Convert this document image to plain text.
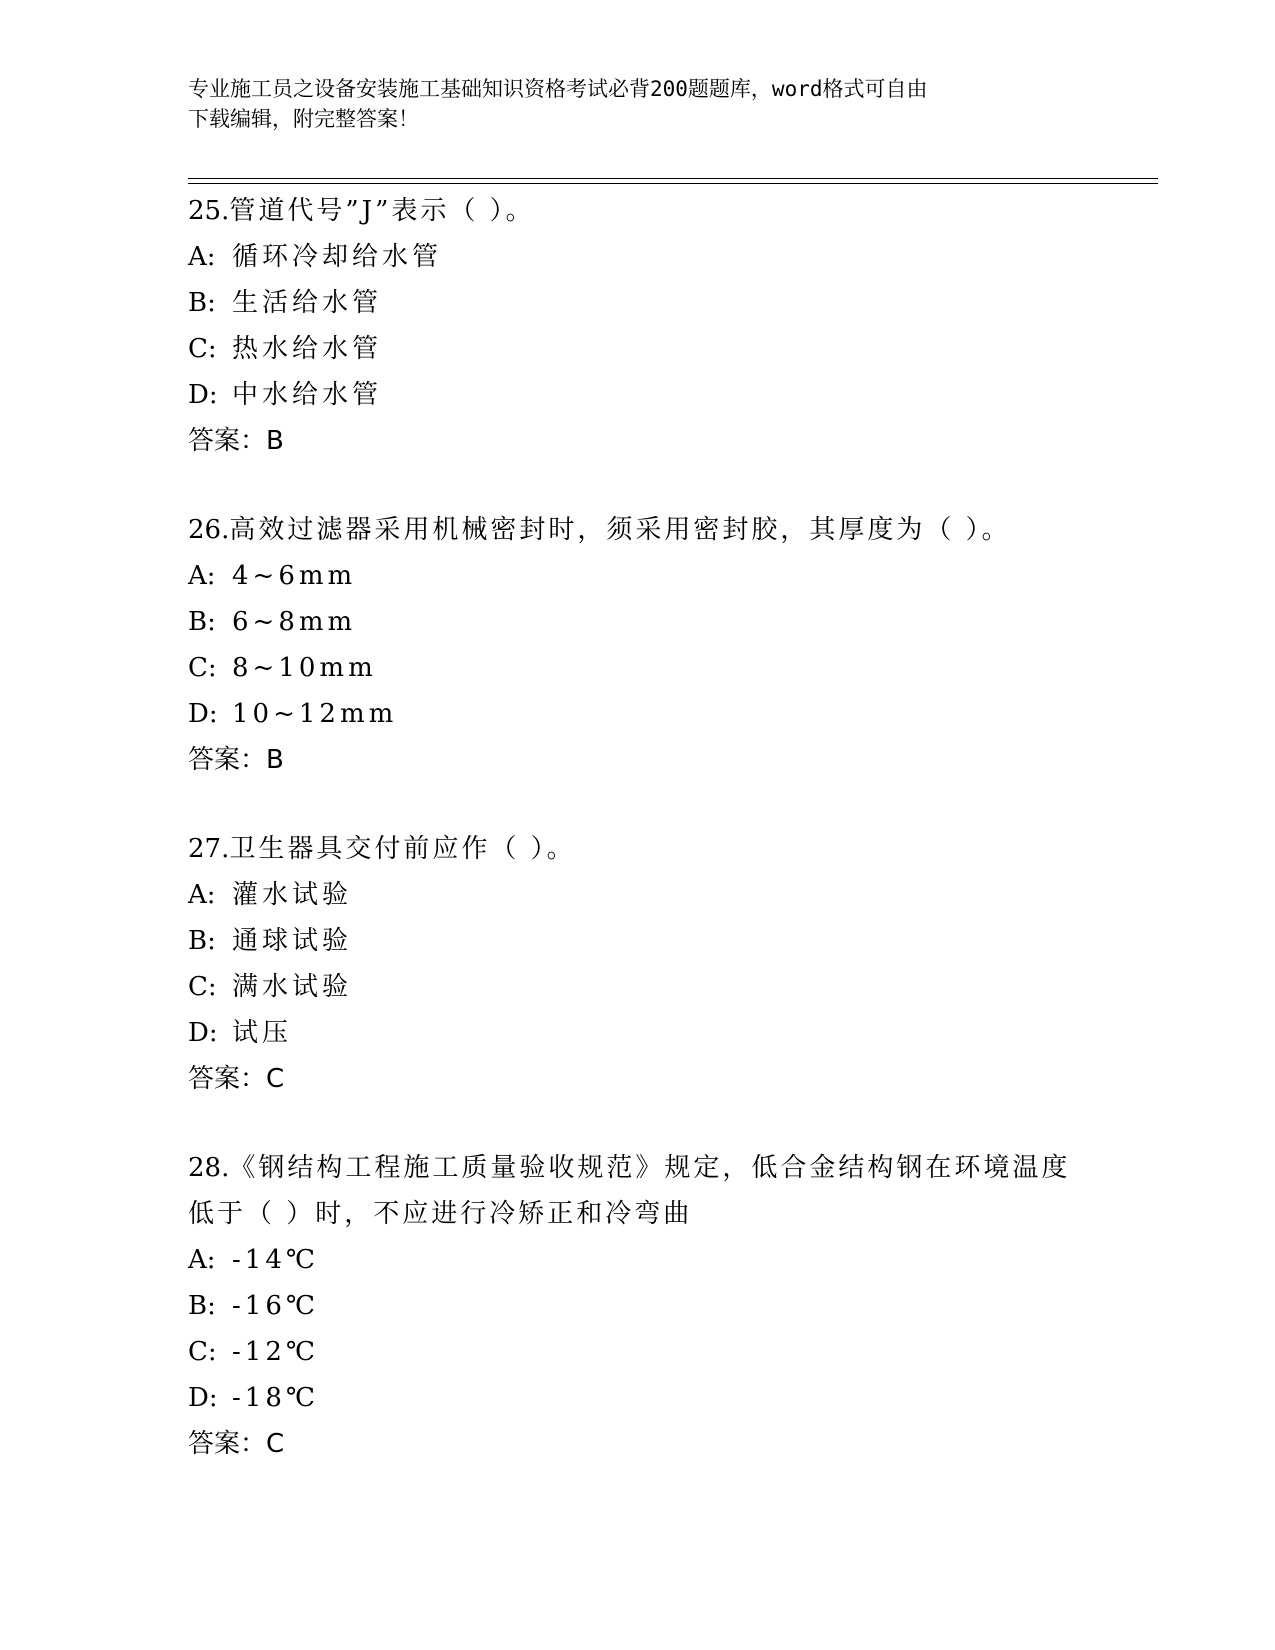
专业施工员之设备安装施工基础知识资格考试必背200题题库，word格式可自由
下载编辑，附完整答案！
25.管道代号”J”表示（ ）。
A: 循环冷却给水管
B: 生活给水管
C: 热水给水管
D: 中水给水管
答案：B
26.高效过滤器采用机械密封时，须采用密封胶，其厚度为（ ）。
A: 4~6mm
B: 6~8mm
C: 8~10mm
D: 10~12mm
答案：B
27.卫生器具交付前应作（ ）。
A: 灌水试验
B: 通球试验
C: 满水试验
D: 试压
答案：C
28.《钢结构工程施工质量验收规范》规定，低合金结构钢在环境温度
低于（ ）时，不应进行冷矫正和冷弯曲
A: -14℃
B: -16℃
C: -12℃
D: -18℃
答案：C
